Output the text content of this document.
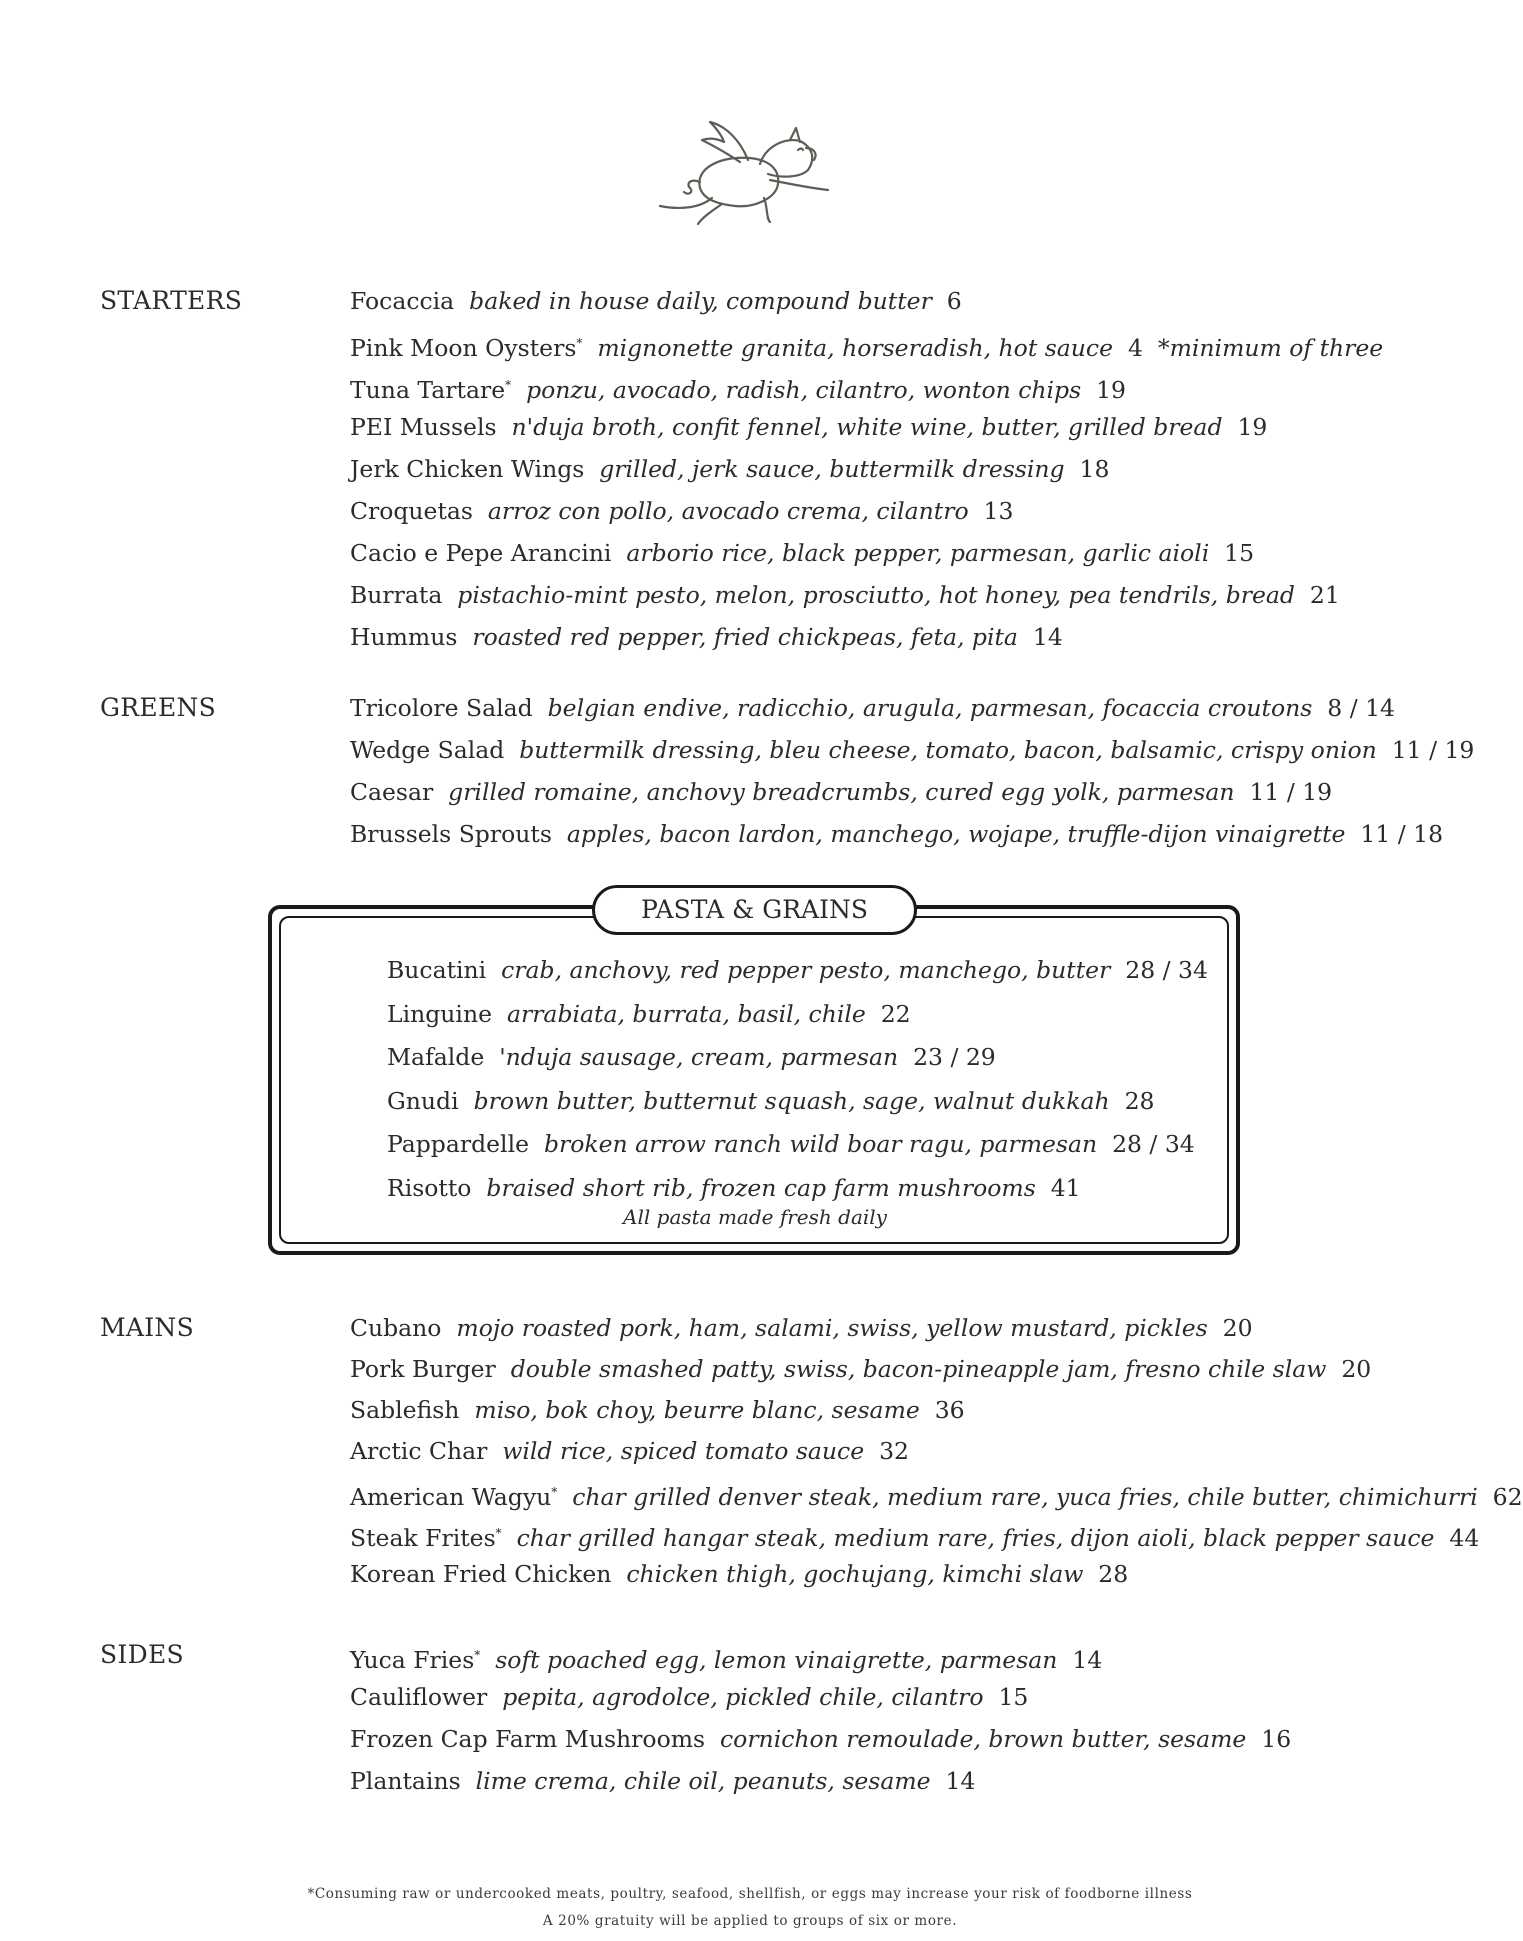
STARTERS	Focaccia baked in house daily, compound butter 6
Pink Moon Oysters* mignonette granita, horseradish, hot sauce 4 *minimum of three
Tuna Tartare* ponzu, avocado, radish, cilantro, wonton chips 19
PEI Mussels n'duja broth, confit fennel, white wine, butter, grilled bread 19
Jerk Chicken Wings grilled, jerk sauce, buttermilk dressing 18
Croquetas arroz con pollo, avocado crema, cilantro 13
Cacio e Pepe Arancini arborio rice, black pepper, parmesan, garlic aioli 15
Burrata pistachio-mint pesto, melon, prosciutto, hot honey, pea tendrils, bread 21
Hummus roasted red pepper, fried chickpeas, feta, pita 14
GREENS	Tricolore Salad belgian endive, radicchio, arugula, parmesan, focaccia croutons 8 / 14
Wedge Salad buttermilk dressing, bleu cheese, tomato, bacon, balsamic, crispy onion 11 / 19
Caesar grilled romaine, anchovy breadcrumbs, cured egg yolk, parmesan 11 / 19
Brussels Sprouts apples, bacon lardon, manchego, wojape, truffle-dijon vinaigrette 11 / 18
PASTA & GRAINS
Bucatini crab, anchovy, red pepper pesto, manchego, butter 28 / 34
Linguine arrabiata, burrata, basil, chile 22
Mafalde 'nduja sausage, cream, parmesan 23 / 29
Gnudi brown butter, butternut squash, sage, walnut dukkah 28
Pappardelle broken arrow ranch wild boar ragu, parmesan 28 / 34
Risotto braised short rib, frozen cap farm mushrooms 41
All pasta made fresh daily
MAINS	Cubano mojo roasted pork, ham, salami, swiss, yellow mustard, pickles 20
Pork Burger double smashed patty, swiss, bacon-pineapple jam, fresno chile slaw 20
Sablefish miso, bok choy, beurre blanc, sesame 36
Arctic Char wild rice, spiced tomato sauce 32
American Wagyu* char grilled denver steak, medium rare, yuca fries, chile butter, chimichurri 62
Steak Frites* char grilled hangar steak, medium rare, fries, dijon aioli, black pepper sauce 44
Korean Fried Chicken chicken thigh, gochujang, kimchi slaw 28
SIDES	Yuca Fries* soft poached egg, lemon vinaigrette, parmesan 14
Cauliflower pepita, agrodolce, pickled chile, cilantro 15
Frozen Cap Farm Mushrooms cornichon remoulade, brown butter, sesame 16
Plantains lime crema, chile oil, peanuts, sesame 14
*Consuming raw or undercooked meats, poultry, seafood, shellfish, or eggs may increase your risk of foodborne illness
A 20% gratuity will be applied to groups of six or more.
